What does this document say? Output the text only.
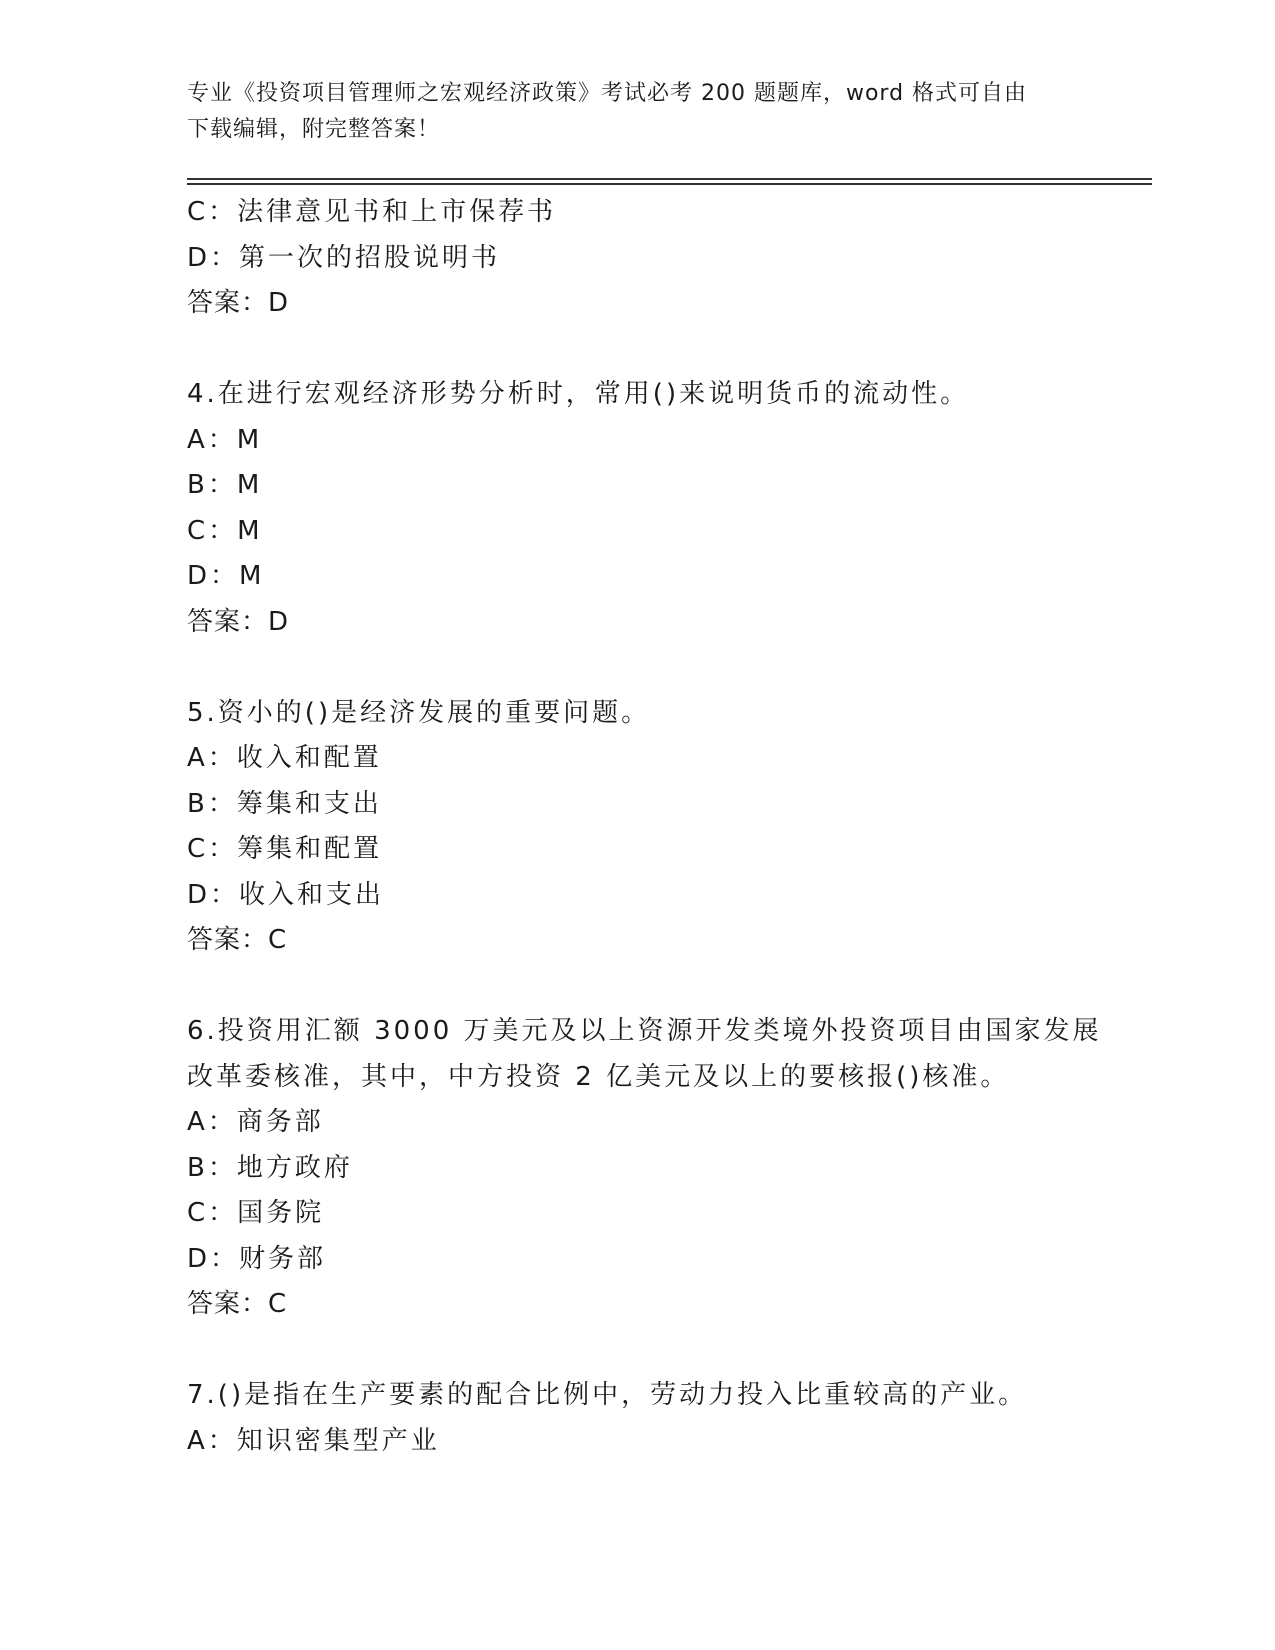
专业《投资项目管理师之宏观经济政策》考试必考 200 题题库，word 格式可自由
下载编辑，附完整答案！
C：法律意见书和上市保荐书
D：第一次的招股说明书
答案：D
4.在进行宏观经济形势分析时，常用()来说明货币的流动性。
A：M
B：M
C：M
D：M
答案：D
5.资小的()是经济发展的重要问题。
A：收入和配置
B：筹集和支出
C：筹集和配置
D：收入和支出
答案：C
6.投资用汇额 3000 万美元及以上资源开发类境外投资项目由国家发展
改革委核准，其中，中方投资 2 亿美元及以上的要核报()核准。
A：商务部
B：地方政府
C：国务院
D：财务部
答案：C
7.()是指在生产要素的配合比例中，劳动力投入比重较高的产业。
A：知识密集型产业
